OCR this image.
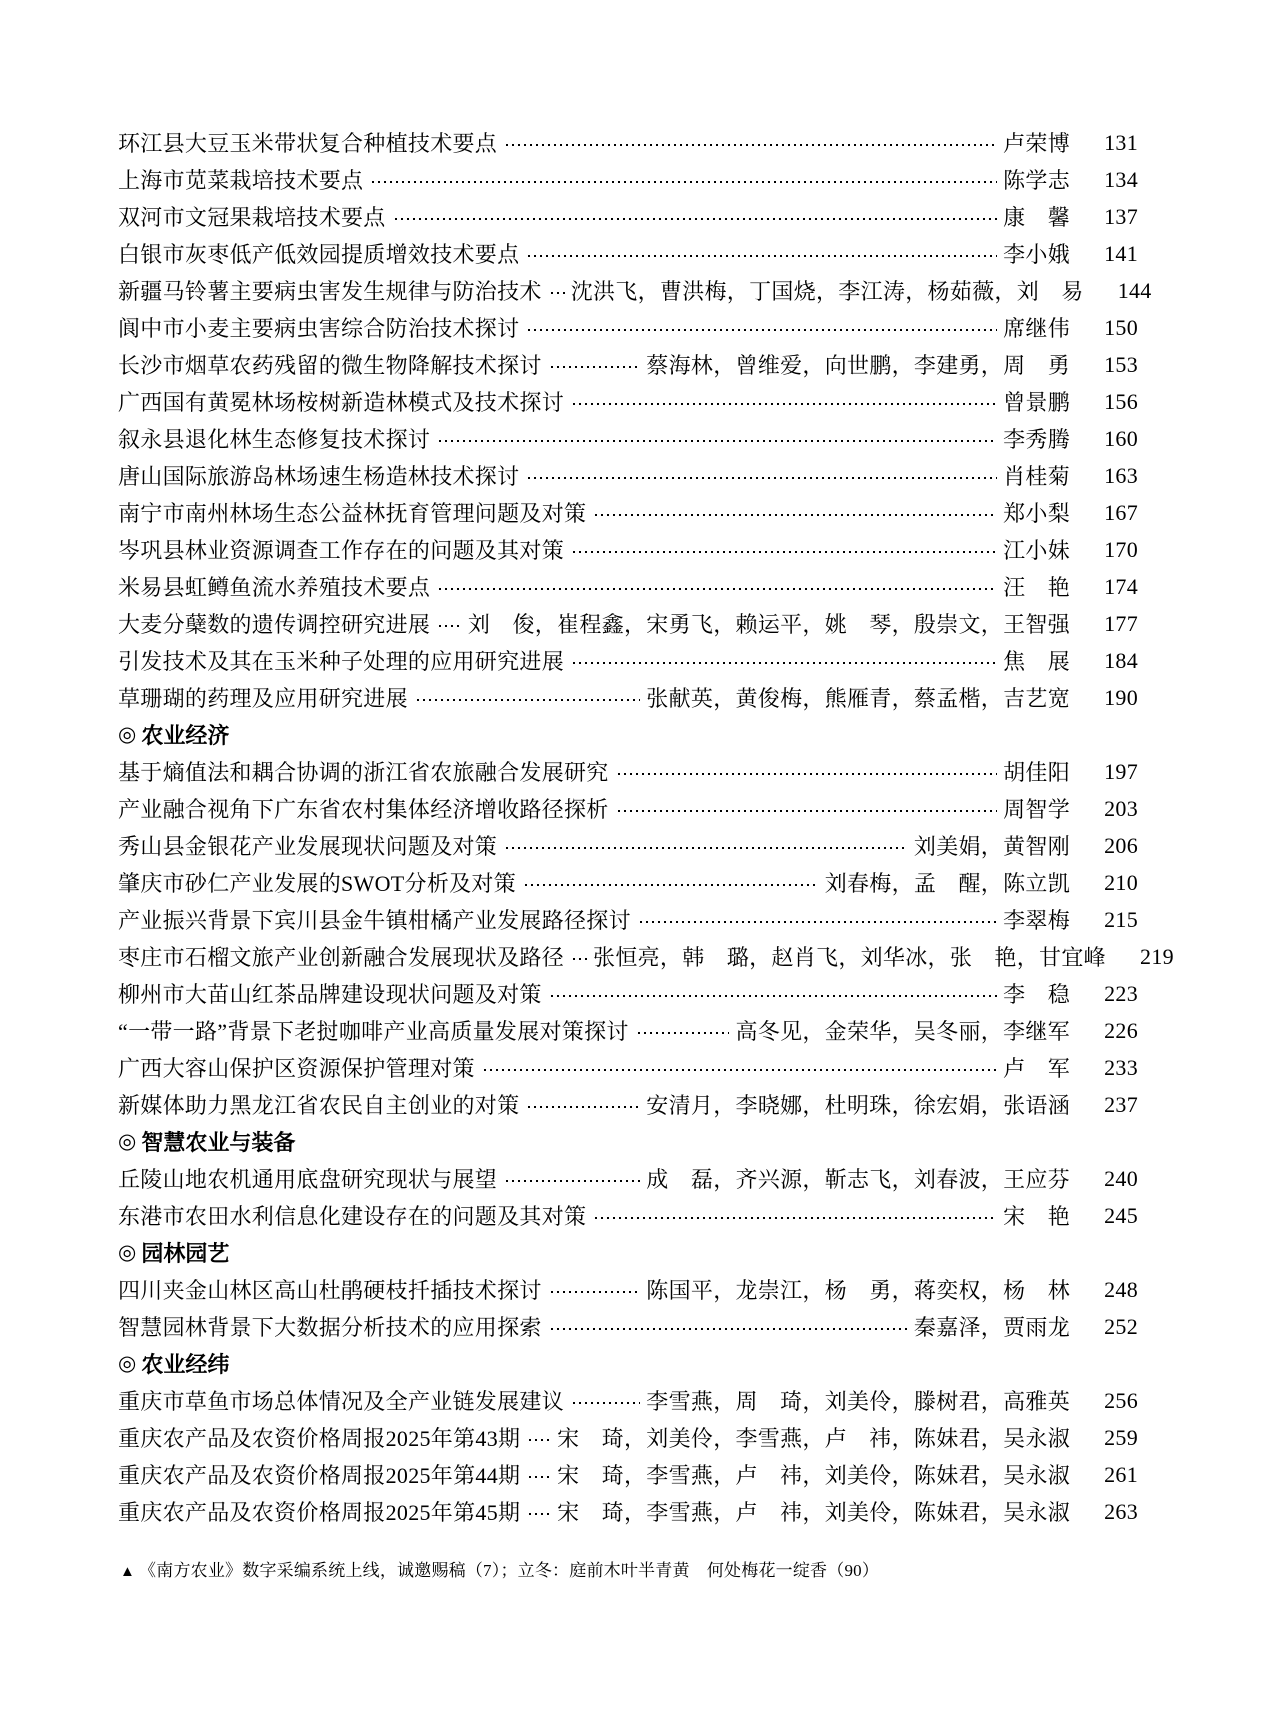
环江县大豆玉米带状复合种植技术要点	卢荣博	131
上海市苋菜栽培技术要点	陈学志	134
双河市文冠果栽培技术要点	康　馨	137
白银市灰枣低产低效园提质增效技术要点	李小娥	141
新疆马铃薯主要病虫害发生规律与防治技术 沈洪飞，曹洪梅，丁国烧，李江涛，杨茹薇，刘　易	144
阆中市小麦主要病虫害综合防治技术探讨	席继伟	150
长沙市烟草农药残留的微生物降解技术探讨	蔡海林，曾维爱，向世鹏，李建勇，周　勇	153
广西国有黄冕林场桉树新造林模式及技术探讨	曾景鹏	156
叙永县退化林生态修复技术探讨	李秀腾	160
唐山国际旅游岛林场速生杨造林技术探讨	肖桂菊	163
南宁市南州林场生态公益林抚育管理问题及对策	郑小梨	167
岑巩县林业资源调查工作存在的问题及其对策	江小妹	170
米易县虹鳟鱼流水养殖技术要点	汪　艳	174
大麦分蘖数的遗传调控研究进展 刘　俊，崔程鑫，宋勇飞，赖运平，姚　琴，殷崇文，王智强	177
引发技术及其在玉米种子处理的应用研究进展	焦　展	184
草珊瑚的药理及应用研究进展	张献英，黄俊梅，熊雁青，蔡孟楷，吉艺宽	190
◎ 农业经济
基于熵值法和耦合协调的浙江省农旅融合发展研究	胡佳阳	197
产业融合视角下广东省农村集体经济增收路径探析	周智学	203
秀山县金银花产业发展现状问题及对策	刘美娟，黄智刚	206
肇庆市砂仁产业发展的SWOT分析及对策	刘春梅，孟　醒，陈立凯	210
产业振兴背景下宾川县金牛镇柑橘产业发展路径探讨	李翠梅	215
枣庄市石榴文旅产业创新融合发展现状及路径 张恒亮，韩　璐，赵肖飞，刘华冰，张　艳，甘宜峰	219
柳州市大苗山红茶品牌建设现状问题及对策	李　稳	223
“一带一路”背景下老挝咖啡产业高质量发展对策探讨	高冬见，金荣华，吴冬丽，李继军	226
广西大容山保护区资源保护管理对策	卢　军	233
新媒体助力黑龙江省农民自主创业的对策	安清月，李晓娜，杜明珠，徐宏娟，张语涵	237
◎ 智慧农业与装备
丘陵山地农机通用底盘研究现状与展望	成　磊，齐兴源，靳志飞，刘春波，王应芬	240
东港市农田水利信息化建设存在的问题及其对策	宋　艳	245
◎ 园林园艺
四川夹金山林区高山杜鹃硬枝扦插技术探讨	陈国平，龙崇江，杨　勇，蒋奕权，杨　林	248
智慧园林背景下大数据分析技术的应用探索	秦嘉泽，贾雨龙	252
◎ 农业经纬
重庆市草鱼市场总体情况及全产业链发展建议	李雪燕，周　琦，刘美伶，滕树君，高雅英	256
重庆农产品及农资价格周报2025年第43期 宋　琦，刘美伶，李雪燕，卢　祎，陈妹君，吴永淑	259
重庆农产品及农资价格周报2025年第44期 宋　琦，李雪燕，卢　祎，刘美伶，陈妹君，吴永淑	261
重庆农产品及农资价格周报2025年第45期 宋　琦，李雪燕，卢　祎，刘美伶，陈妹君，吴永淑	263
▲ 《南方农业》数字采编系统上线，诚邀赐稿（7）；立冬：庭前木叶半青黄　何处梅花一绽香（90）
